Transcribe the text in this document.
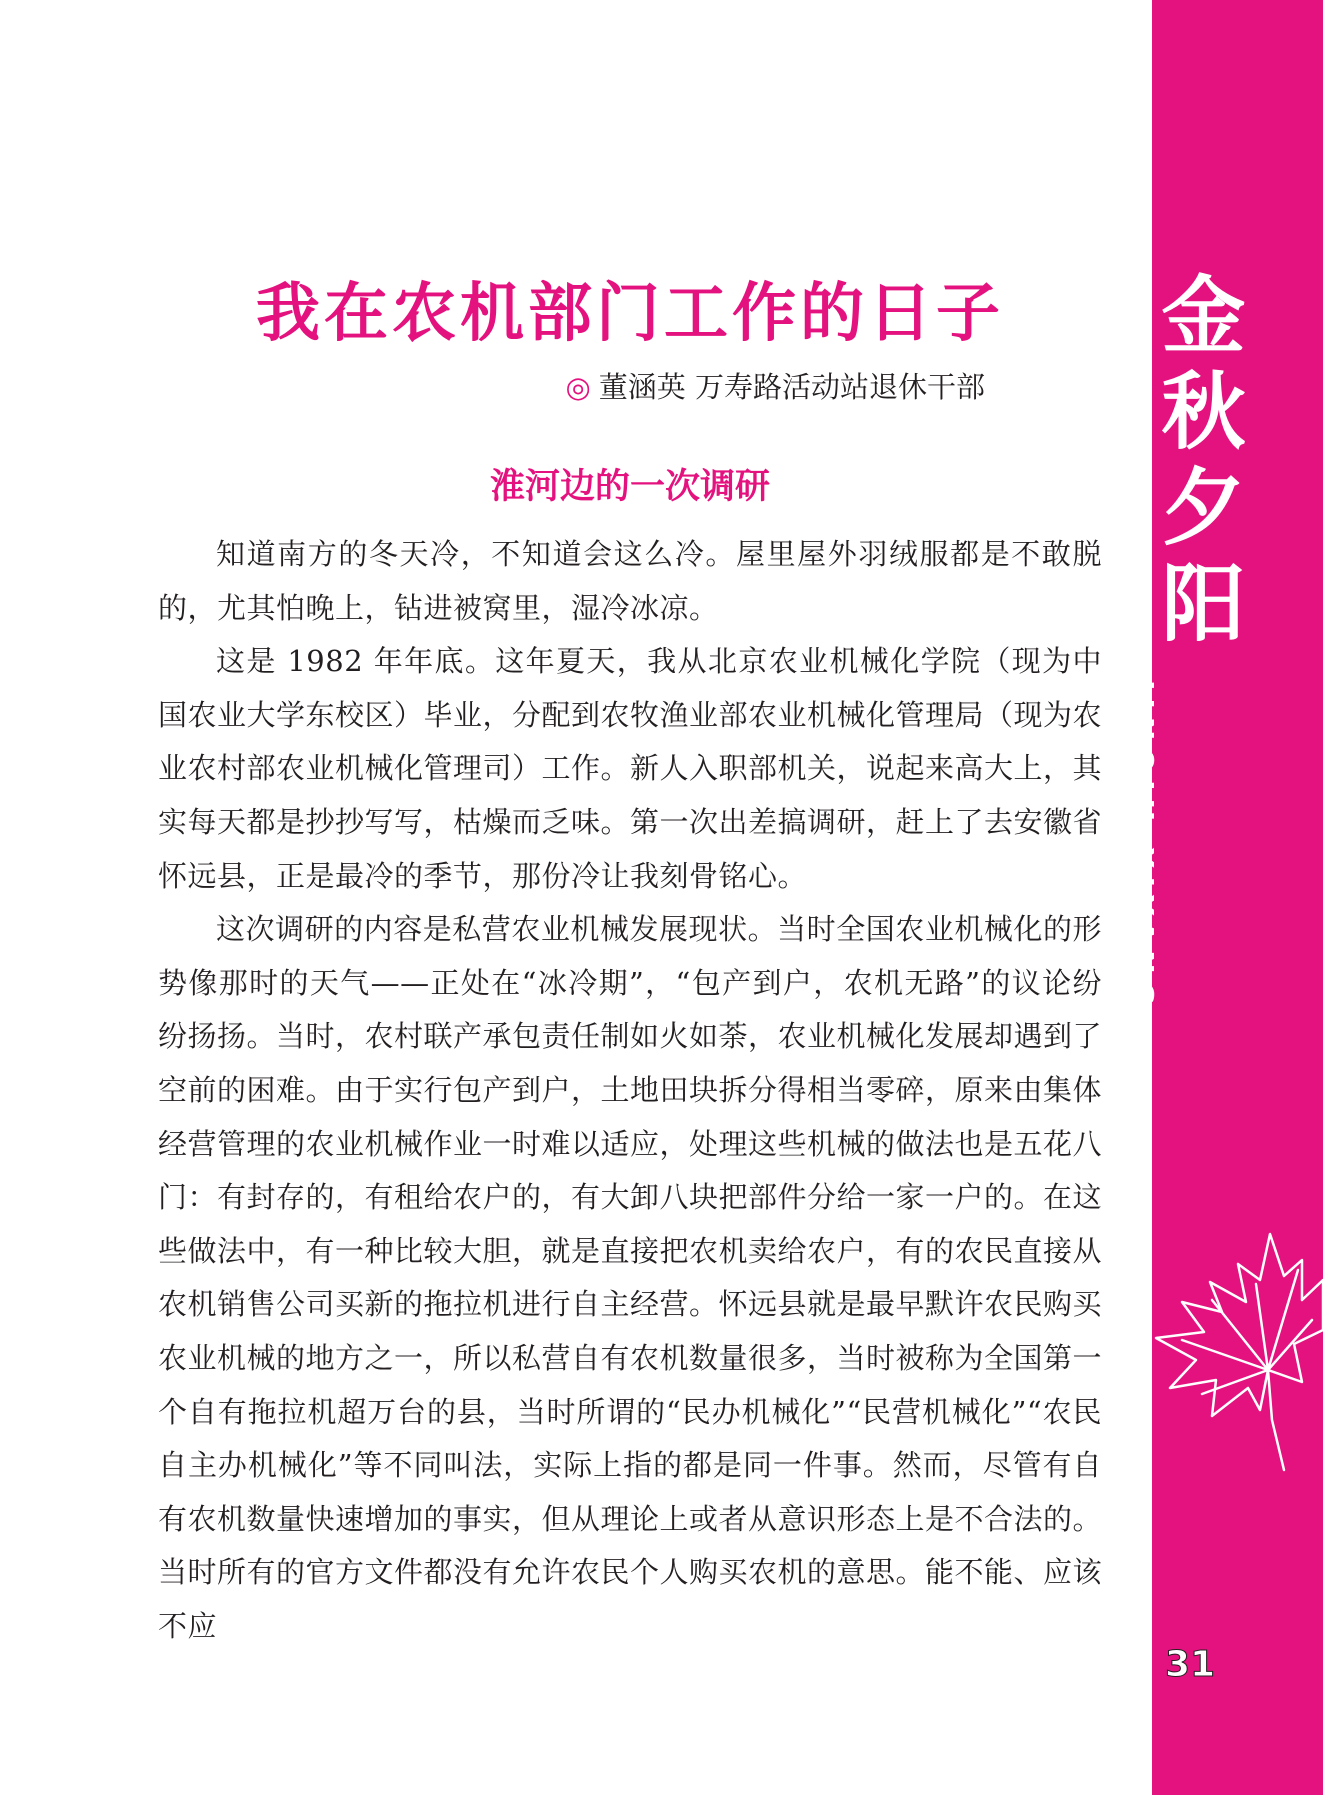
金
秋
夕
阳
JINQIU XIYANG
31
我在农机部门工作的日子
◎ 董涵英 万寿路活动站退休干部
淮河边的一次调研

知道南方的冬天冷，不知道会这么冷。屋里屋外羽绒服都是不敢脱的，尤其怕晚上，钻进被窝里，湿冷冰凉。

这是 1982 年年底。这年夏天，我从北京农业机械化学院（现为中国农业大学东校区）毕业，分配到农牧渔业部农业机械化管理局（现为农业农村部农业机械化管理司）工作。新人入职部机关，说起来高大上，其实每天都是抄抄写写，枯燥而乏味。第一次出差搞调研，赶上了去安徽省怀远县，正是最冷的季节，那份冷让我刻骨铭心。

这次调研的内容是私营农业机械发展现状。当时全国农业机械化的形势像那时的天气——正处在“冰冷期”，“包产到户，农机无路”的议论纷纷扬扬。当时，农村联产承包责任制如火如荼，农业机械化发展却遇到了空前的困难。由于实行包产到户，土地田块拆分得相当零碎，原来由集体经营管理的农业机械作业一时难以适应，处理这些机械的做法也是五花八门：有封存的，有租给农户的，有大卸八块把部件分给一家一户的。在这些做法中，有一种比较大胆，就是直接把农机卖给农户，有的农民直接从农机销售公司买新的拖拉机进行自主经营。怀远县就是最早默许农民购买农业机械的地方之一，所以私营自有农机数量很多，当时被称为全国第一个自有拖拉机超万台的县，当时所谓的“民办机械化”“民营机械化”“农民自主办机械化”等不同叫法，实际上指的都是同一件事。然而，尽管有自有农机数量快速增加的事实，但从理论上或者从意识形态上是不合法的。当时所有的官方文件都没有允许农民个人购买农机的意思。能不能、应该不应
